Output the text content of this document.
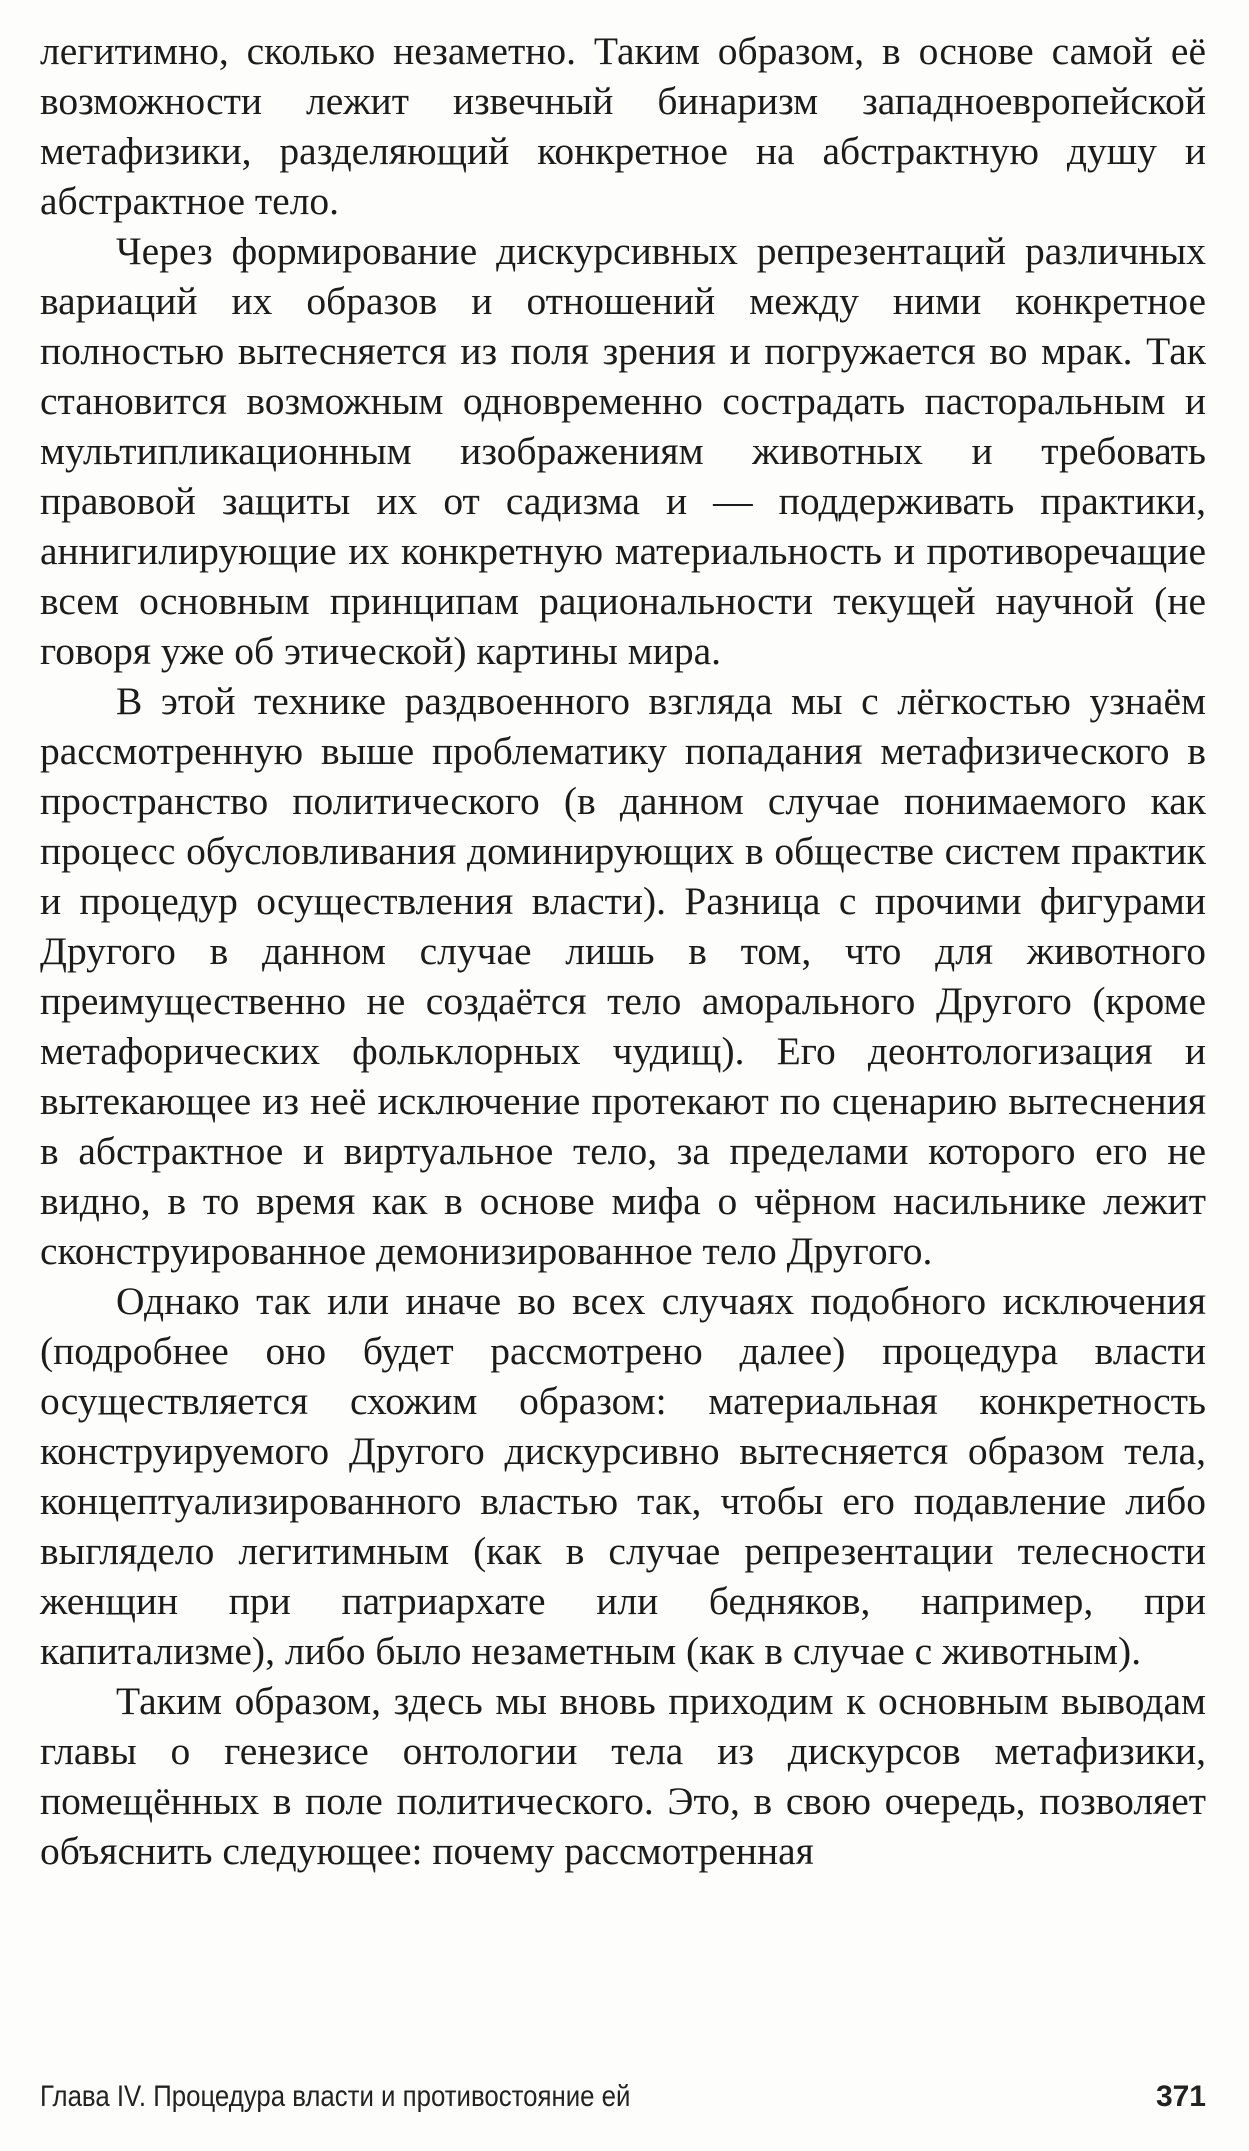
легитимно, сколько незаметно. Таким образом, в основе самой её возможности лежит извечный бинаризм западноевропейской метафизики, разделяющий конкретное на абстрактную душу и абстрактное тело.

Через формирование дискурсивных репрезентаций различных вариаций их образов и отношений между ними конкретное полностью вытесняется из поля зрения и погружается во мрак. Так становится возможным одновременно сострадать пасторальным и мультипликационным изображениям животных и требовать правовой защиты их от садизма и — поддерживать практики, аннигилирующие их конкретную материальность и противоречащие всем основным принципам рациональности текущей научной (не говоря уже об этической) картины мира.

В этой технике раздвоенного взгляда мы с лёгкостью узнаём рассмотренную выше проблематику попадания метафизического в пространство политического (в данном случае понимаемого как процесс обусловливания доминирующих в обществе систем практик и процедур осуществления власти). Разница с прочими фигурами Другого в данном случае лишь в том, что для животного преимущественно не создаётся тело аморального Другого (кроме метафорических фольклорных чудищ). Его деонтологизация и вытекающее из неё исключение протекают по сценарию вытеснения в абстрактное и виртуальное тело, за пределами которого его не видно, в то время как в основе мифа о чёрном насильнике лежит сконструированное демонизированное тело Другого.

Однако так или иначе во всех случаях подобного исключения (подробнее оно будет рассмотрено далее) процедура власти осуществляется схожим образом: материальная конкретность конструируемого Другого дискурсивно вытесняется образом тела, концептуализированного властью так, чтобы его подавление либо выглядело легитимным (как в случае репрезентации телесности женщин при патриархате или бедняков, например, при капитализме), либо было незаметным (как в случае с животным).

Таким образом, здесь мы вновь приходим к основным выводам главы о генезисе онтологии тела из дискурсов метафизики, помещённых в поле политического. Это, в свою очередь, позволяет объяснить следующее: почему рассмотренная

Глава IV. Процедура власти и противостояние ей	371
